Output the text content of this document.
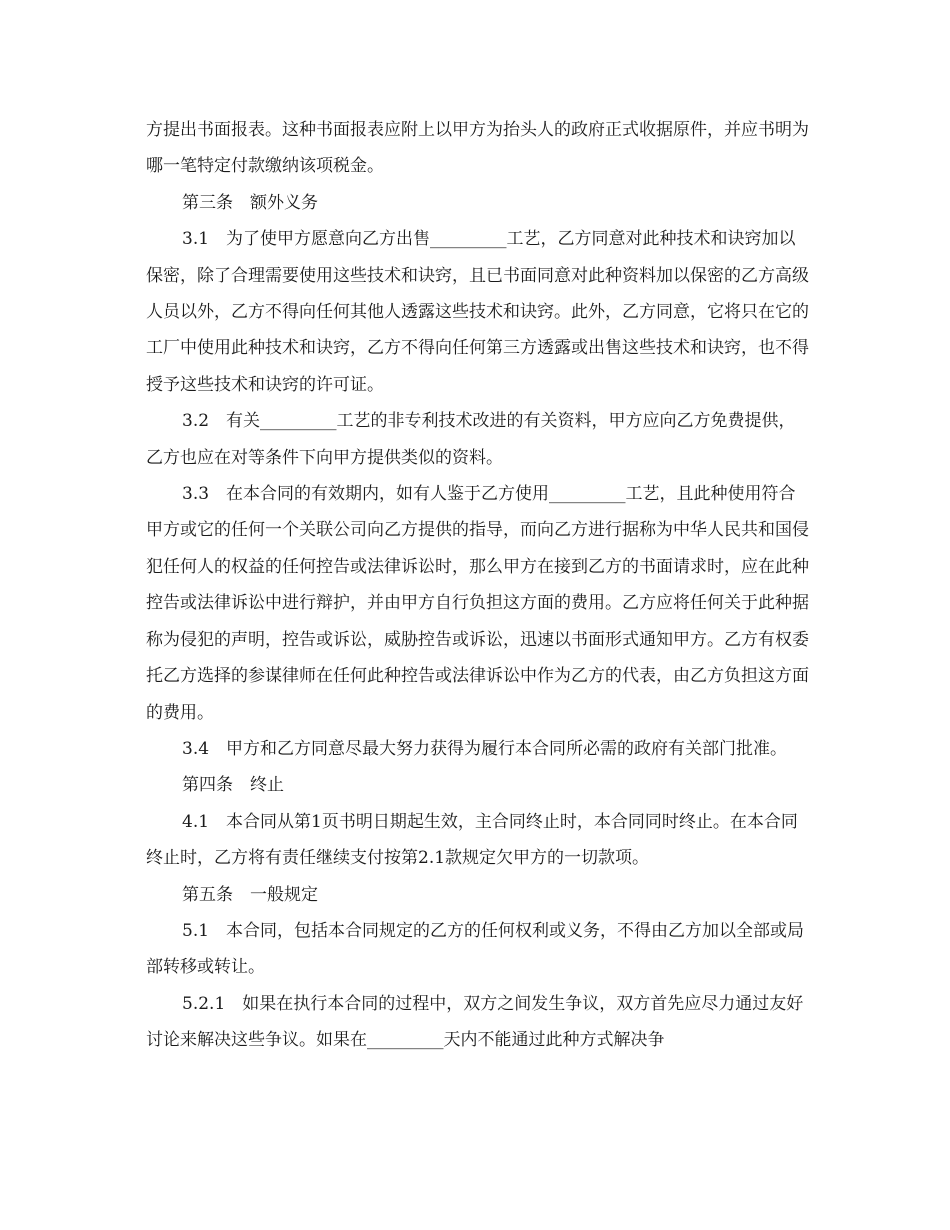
方提出书面报表。这种书面报表应附上以甲方为抬头人的政府正式收据原件，并应书明为哪一笔特定付款缴纳该项税金。

第三条　额外义务

3.1　为了使甲方愿意向乙方出售_________工艺，乙方同意对此种技术和诀窍加以保密，除了合理需要使用这些技术和诀窍，且已书面同意对此种资料加以保密的乙方高级人员以外，乙方不得向任何其他人透露这些技术和诀窍。此外，乙方同意，它将只在它的工厂中使用此种技术和诀窍，乙方不得向任何第三方透露或出售这些技术和诀窍，也不得授予这些技术和诀窍的许可证。

3.2　有关_________工艺的非专利技术改进的有关资料，甲方应向乙方免费提供，乙方也应在对等条件下向甲方提供类似的资料。

3.3　在本合同的有效期内，如有人鉴于乙方使用_________工艺，且此种使用符合甲方或它的任何一个关联公司向乙方提供的指导，而向乙方进行据称为中华人民共和国侵犯任何人的权益的任何控告或法律诉讼时，那么甲方在接到乙方的书面请求时，应在此种控告或法律诉讼中进行辩护，并由甲方自行负担这方面的费用。乙方应将任何关于此种据称为侵犯的声明，控告或诉讼，威胁控告或诉讼，迅速以书面形式通知甲方。乙方有权委托乙方选择的参谋律师在任何此种控告或法律诉讼中作为乙方的代表，由乙方负担这方面的费用。

3.4　甲方和乙方同意尽最大努力获得为履行本合同所必需的政府有关部门批准。

第四条　终止

4.1　本合同从第1页书明日期起生效，主合同终止时，本合同同时终止。在本合同终止时，乙方将有责任继续支付按第2.1款规定欠甲方的一切款项。

第五条　一般规定

5.1　本合同，包括本合同规定的乙方的任何权利或义务，不得由乙方加以全部或局部转移或转让。

5.2.1　如果在执行本合同的过程中，双方之间发生争议，双方首先应尽力通过友好讨论来解决这些争议。如果在_________天内不能通过此种方式解决争
